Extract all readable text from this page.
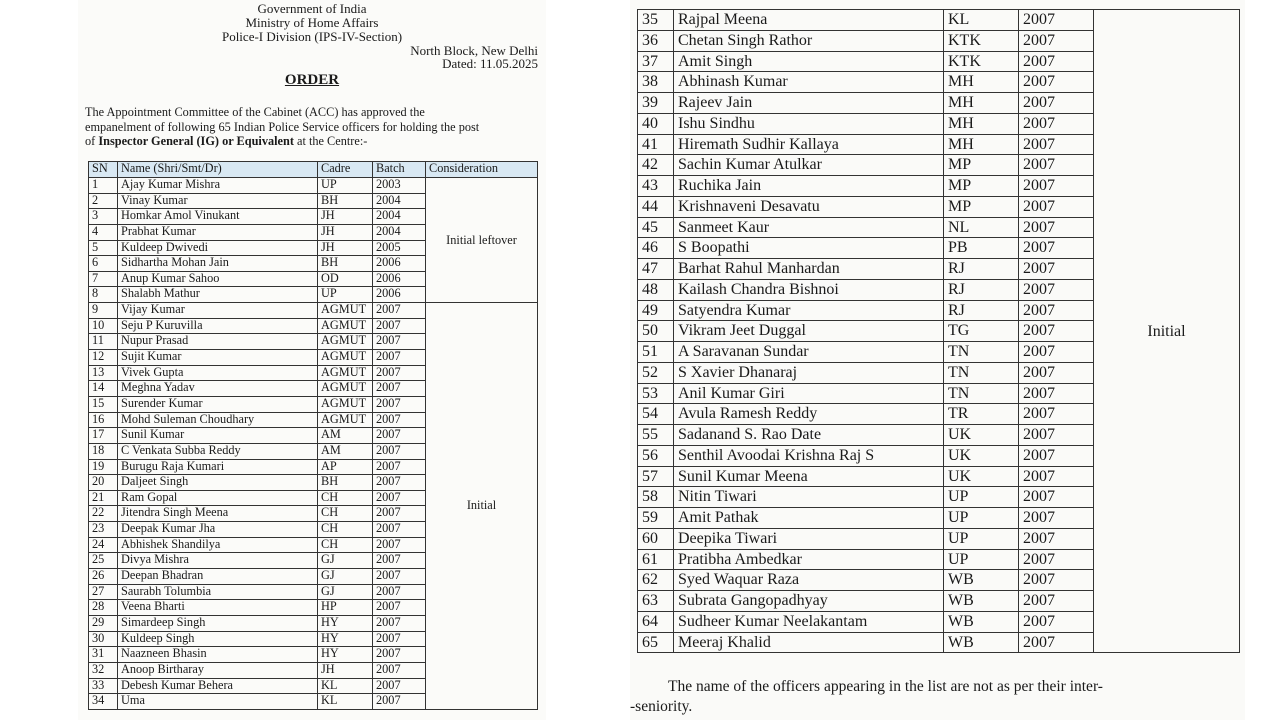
Government of India
Ministry of Home Affairs
Police-I Division (IPS-IV-Section)
North Block, New Delhi
Dated: 11.05.2025
ORDER
The Appointment Committee of the Cabinet (ACC) has approved the
empanelment of following 65 Indian Police Service officers for holding the post
of Inspector General (IG) or Equivalent at the Centre:-
SN	Name (Shri/Smt/Dr)	Cadre	Batch	Consideration
1	Ajay Kumar Mishra	UP	2003	Initial leftover
2	Vinay Kumar	BH	2004	
3	Homkar Amol Vinukant	JH	2004	
4	Prabhat Kumar	JH	2004	
5	Kuldeep Dwivedi	JH	2005	
6	Sidhartha Mohan Jain	BH	2006	
7	Anup Kumar Sahoo	OD	2006	
8	Shalabh Mathur	UP	2006	
9	Vijay Kumar	AGMUT	2007	Initial
10	Seju P Kuruvilla	AGMUT	2007	
11	Nupur Prasad	AGMUT	2007	
12	Sujit Kumar	AGMUT	2007	
13	Vivek Gupta	AGMUT	2007	
14	Meghna Yadav	AGMUT	2007	
15	Surender Kumar	AGMUT	2007	
16	Mohd Suleman Choudhary	AGMUT	2007	
17	Sunil Kumar	AM	2007	
18	C Venkata Subba Reddy	AM	2007	
19	Burugu Raja Kumari	AP	2007	
20	Daljeet Singh	BH	2007	
21	Ram Gopal	CH	2007	
22	Jitendra Singh Meena	CH	2007	
23	Deepak Kumar Jha	CH	2007	
24	Abhishek Shandilya	CH	2007	
25	Divya Mishra	GJ	2007	
26	Deepan Bhadran	GJ	2007	
27	Saurabh Tolumbia	GJ	2007	
28	Veena Bharti	HP	2007	
29	Simardeep Singh	HY	2007	
30	Kuldeep Singh	HY	2007	
31	Naazneen Bhasin	HY	2007	
32	Anoop Birtharay	JH	2007	
33	Debesh Kumar Behera	KL	2007	
34	Uma	KL	2007	
35	Rajpal Meena	KL	2007	Initial
36	Chetan Singh Rathor	KTK	2007	
37	Amit Singh	KTK	2007	
38	Abhinash Kumar	MH	2007	
39	Rajeev Jain	MH	2007	
40	Ishu Sindhu	MH	2007	
41	Hiremath Sudhir Kallaya	MH	2007	
42	Sachin Kumar Atulkar	MP	2007	
43	Ruchika Jain	MP	2007	
44	Krishnaveni Desavatu	MP	2007	
45	Sanmeet Kaur	NL	2007	
46	S Boopathi	PB	2007	
47	Barhat Rahul Manhardan	RJ	2007	
48	Kailash Chandra Bishnoi	RJ	2007	
49	Satyendra Kumar	RJ	2007	
50	Vikram Jeet Duggal	TG	2007	
51	A Saravanan Sundar	TN	2007	
52	S Xavier Dhanaraj	TN	2007	
53	Anil Kumar Giri	TN	2007	
54	Avula Ramesh Reddy	TR	2007	
55	Sadanand S. Rao Date	UK	2007	
56	Senthil Avoodai Krishna Raj S	UK	2007	
57	Sunil Kumar Meena	UK	2007	
58	Nitin Tiwari	UP	2007	
59	Amit Pathak	UP	2007	
60	Deepika Tiwari	UP	2007	
61	Pratibha Ambedkar	UP	2007	
62	Syed Waquar Raza	WB	2007	
63	Subrata Gangopadhyay	WB	2007	
64	Sudheer Kumar Neelakantam	WB	2007	
65	Meeraj Khalid	WB	2007	
The name of the officers appearing in the list are not as per their inter-
-seniority.
